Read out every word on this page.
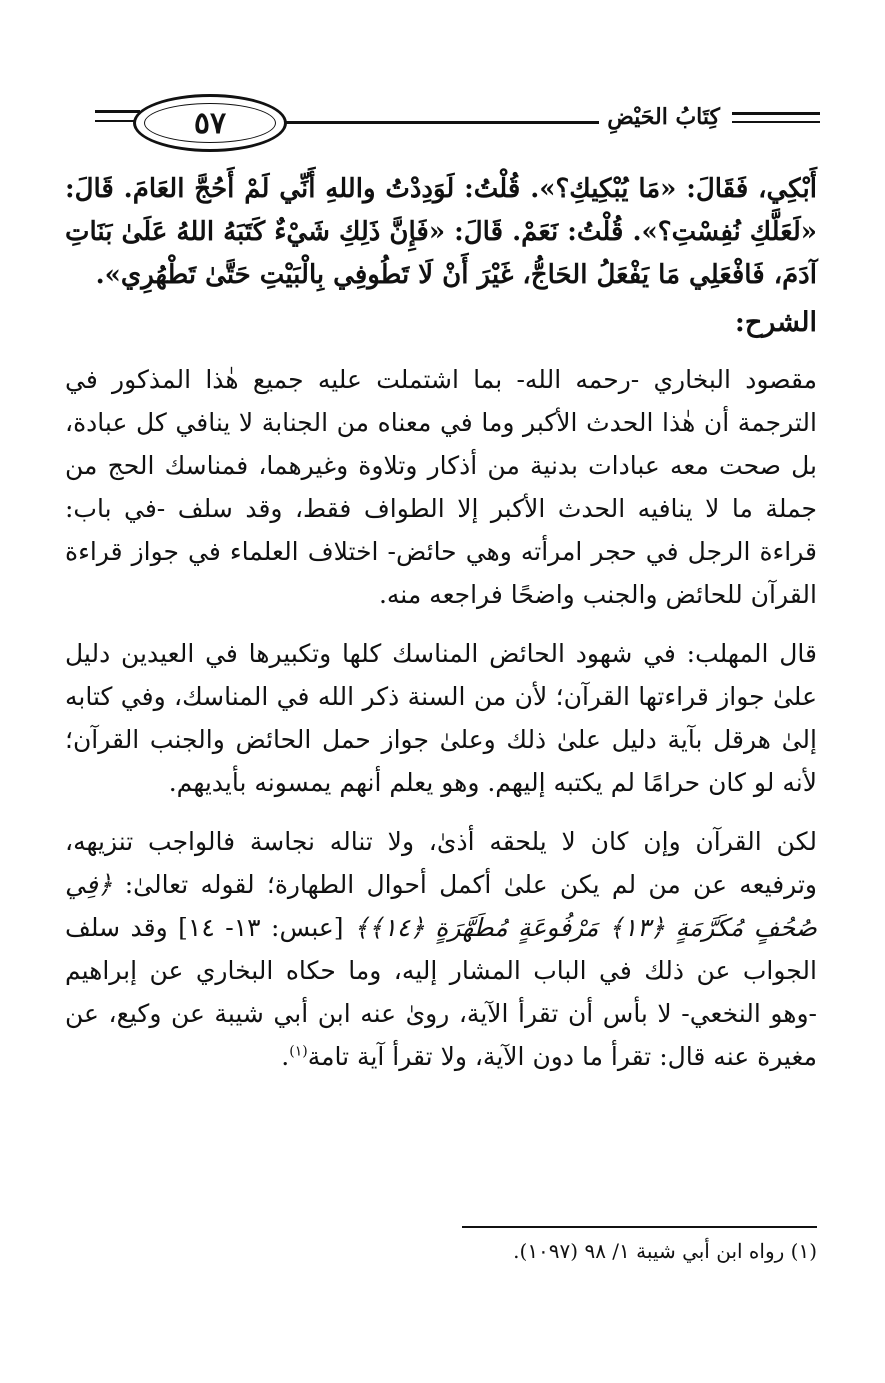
٥٧	كِتَابُ الحَيْضِ

أَبْكِي، فَقَالَ: «مَا يُبْكِيكِ؟». قُلْتُ: لَوَدِدْتُ واللهِ أَنِّي لَمْ أَحُجَّ العَامَ. قَالَ: «لَعَلَّكِ نُفِسْتِ؟». قُلْتُ: نَعَمْ. قَالَ: «فَإِنَّ ذَلِكِ شَيْءٌ كَتَبَهُ اللهُ عَلَىٰ بَنَاتِ آدَمَ، فَافْعَلِي مَا يَفْعَلُ الحَاجُّ، غَيْرَ أَنْ لَا تَطُوفِي بِالْبَيْتِ حَتَّىٰ تَطْهُرِي».

الشرح:

مقصود البخاري -رحمه الله- بما اشتملت عليه جميع هٰذا المذكور في الترجمة أن هٰذا الحدث الأكبر وما في معناه من الجنابة لا ينافي كل عبادة، بل صحت معه عبادات بدنية من أذكار وتلاوة وغيرهما، فمناسك الحج من جملة ما لا ينافيه الحدث الأكبر إلا الطواف فقط، وقد سلف -في باب: قراءة الرجل في حجر امرأته وهي حائض- اختلاف العلماء في جواز قراءة القرآن للحائض والجنب واضحًا فراجعه منه.

قال المهلب: في شهود الحائض المناسك كلها وتكبيرها في العيدين دليل علىٰ جواز قراءتها القرآن؛ لأن من السنة ذكر الله في المناسك، وفي كتابه إلىٰ هرقل بآية دليل علىٰ ذلك وعلىٰ جواز حمل الحائض والجنب القرآن؛ لأنه لو كان حرامًا لم يكتبه إليهم. وهو يعلم أنهم يمسونه بأيديهم.

لكن القرآن وإن كان لا يلحقه أذىٰ، ولا تناله نجاسة فالواجب تنزيهه، وترفيعه عن من لم يكن علىٰ أكمل أحوال الطهارة؛ لقوله تعالىٰ: ﴿فِي صُحُفٍ مُكَرَّمَةٍ ﴿١٣﴾ مَرْفُوعَةٍ مُطَهَّرَةٍ ﴿١٤﴾﴾ [عبس: ١٣- ١٤] وقد سلف الجواب عن ذلك في الباب المشار إليه، وما حكاه البخاري عن إبراهيم -وهو النخعي- لا بأس أن تقرأ الآية، روىٰ عنه ابن أبي شيبة عن وكيع، عن مغيرة عنه قال: تقرأ ما دون الآية، ولا تقرأ آية تامة$^{(١)}$.

(١) رواه ابن أبي شيبة ١/ ٩٨ (١٠٩٧).
